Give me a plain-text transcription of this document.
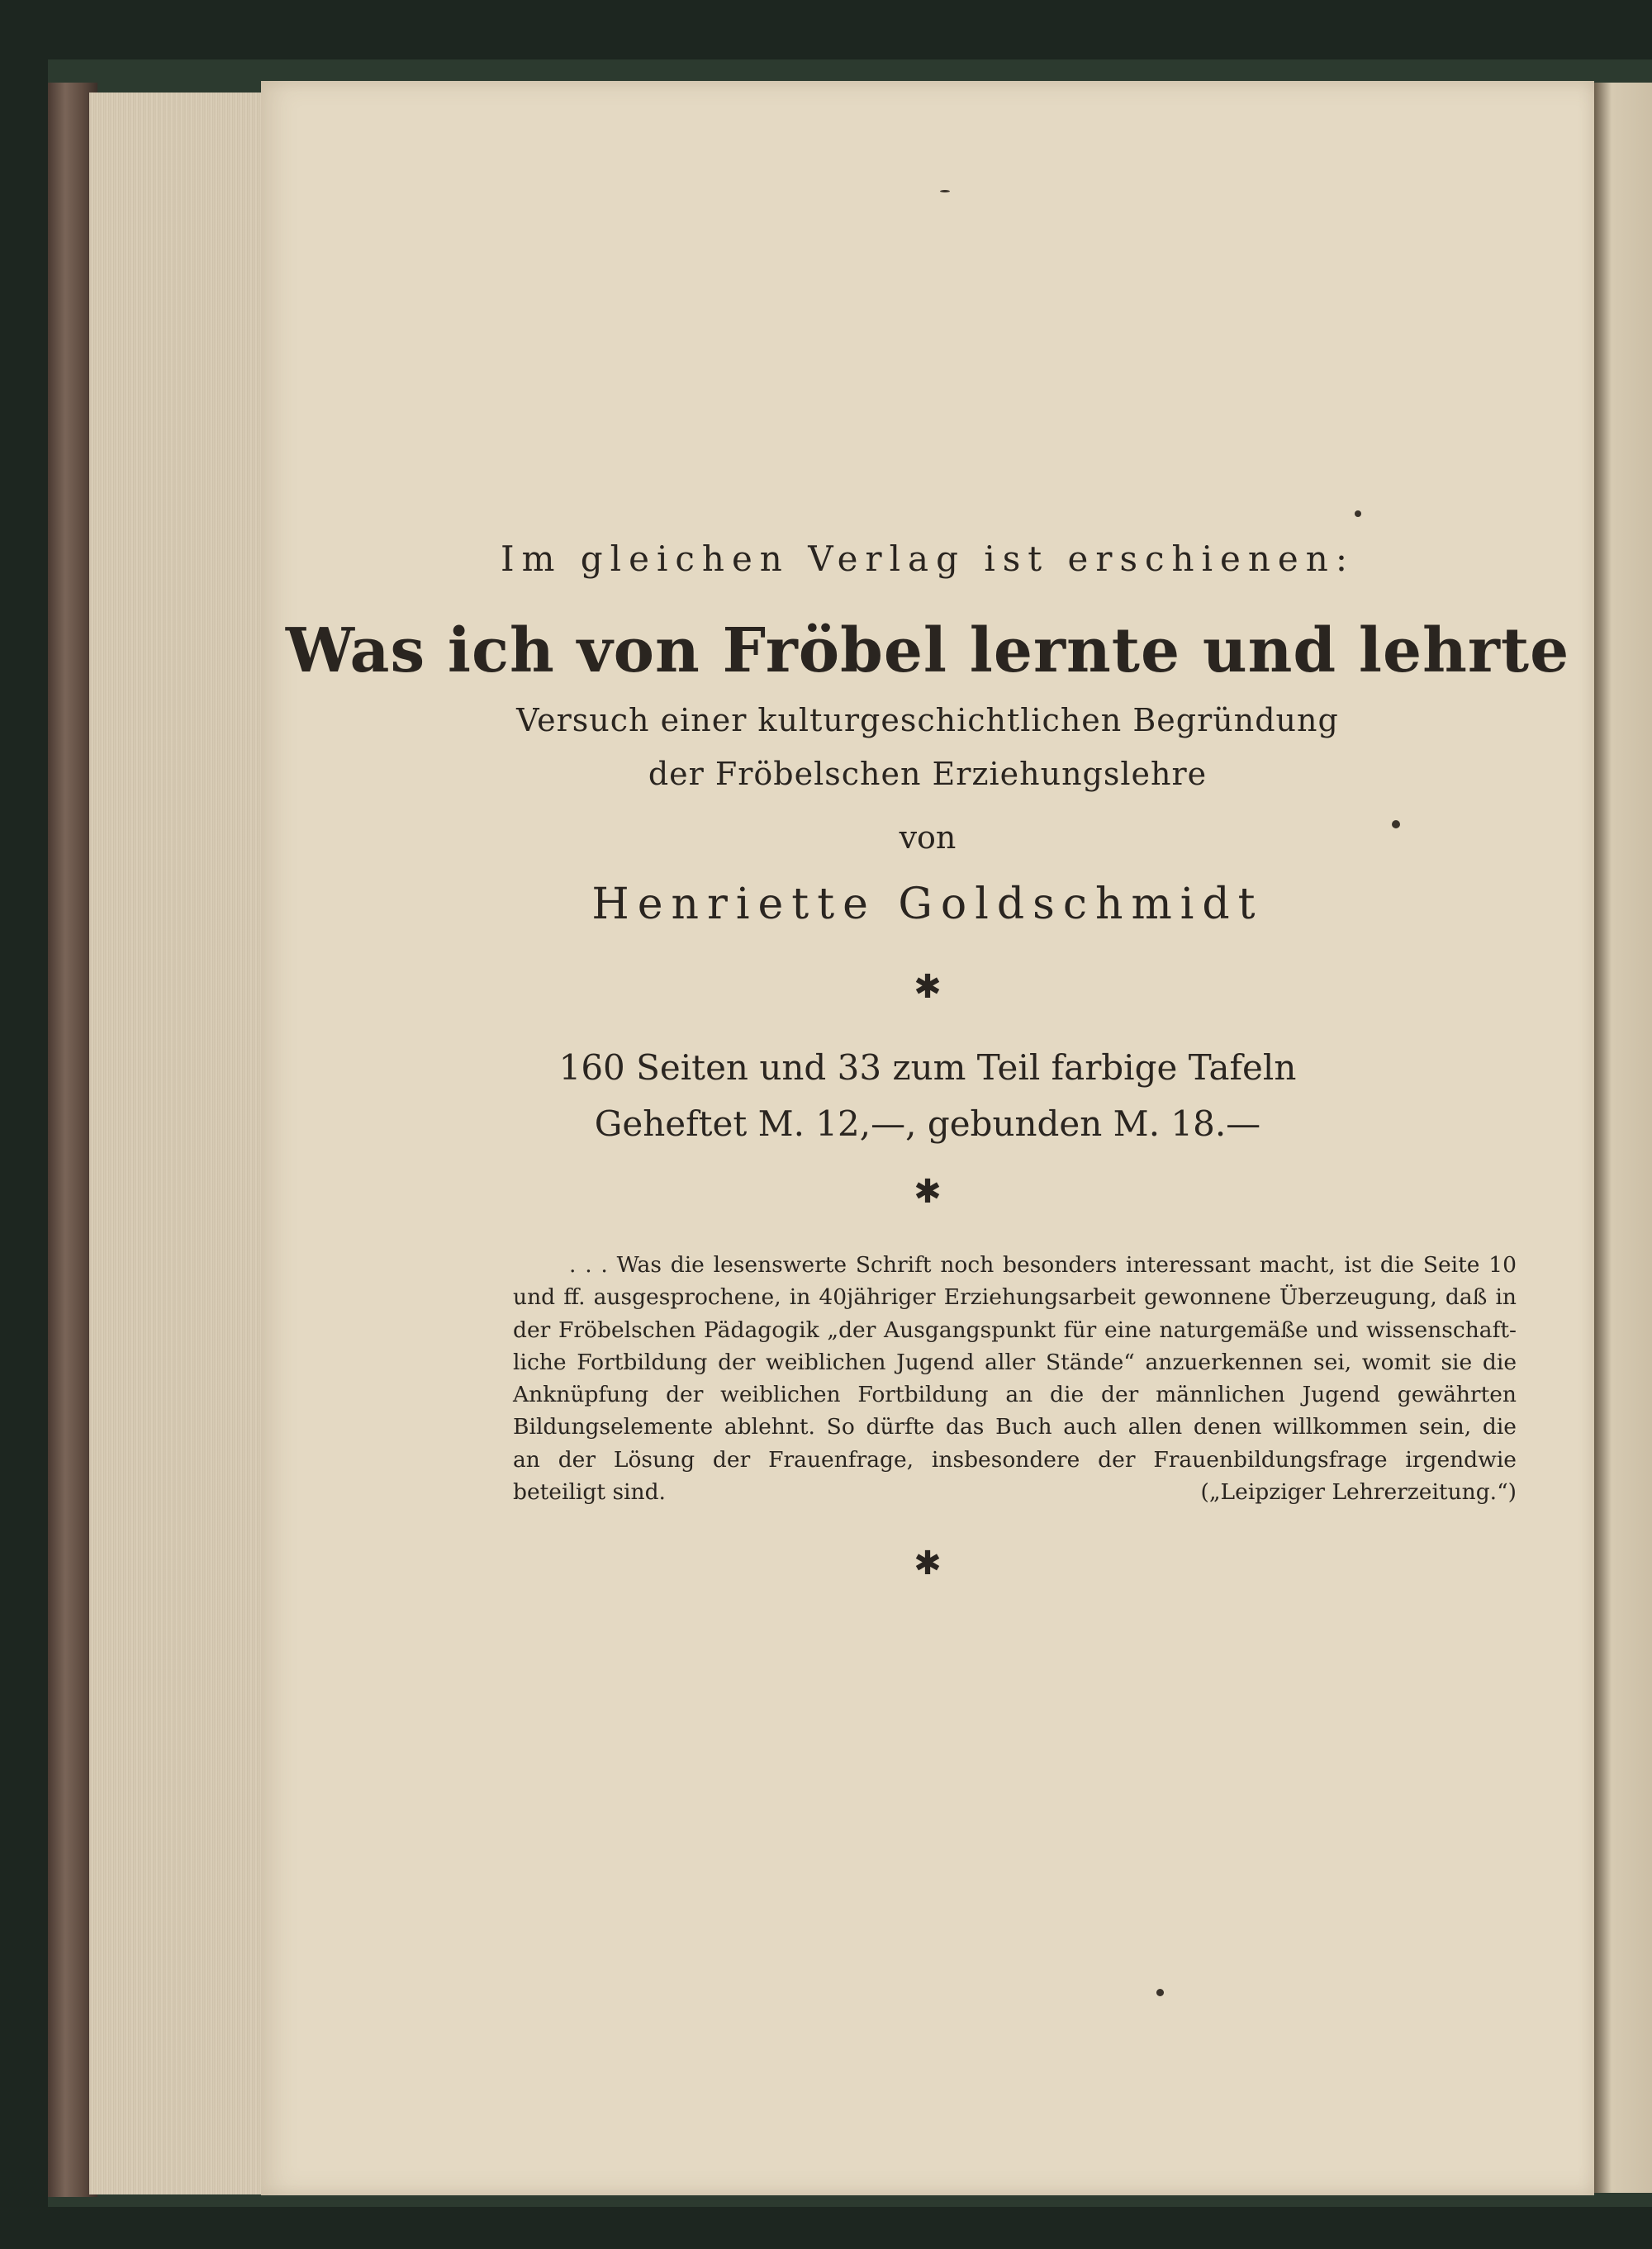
Im gleichen Verlag ist erschienen:
Was ich von Fröbel lernte und lehrte
Versuch einer kulturgeschichtlichen Begründung
der Fröbelschen Erziehungslehre
von
Henriette Goldschmidt
✱
160 Seiten und 33 zum Teil farbige Tafeln
Geheftet M. 12,—, gebunden M. 18.—
✱
. . . Was die lesenswerte Schrift noch besonders interessant macht, ist die Seite 10
und ff. ausgesprochene, in 40jähriger Erziehungsarbeit gewonnene Überzeugung, daß in
der Fröbelschen Pädagogik „der Ausgangspunkt für eine naturgemäße und wissenschaft-
liche Fortbildung der weiblichen Jugend aller Stände“ anzuerkennen sei, womit sie die
Anknüpfung der weiblichen Fortbildung an die der männlichen Jugend gewährten
Bildungselemente ablehnt. So dürfte das Buch auch allen denen willkommen sein, die
an der Lösung der Frauenfrage, insbesondere der Frauenbildungsfrage irgendwie
beteiligt sind.	(„Leipziger Lehrerzeitung.“)
✱
